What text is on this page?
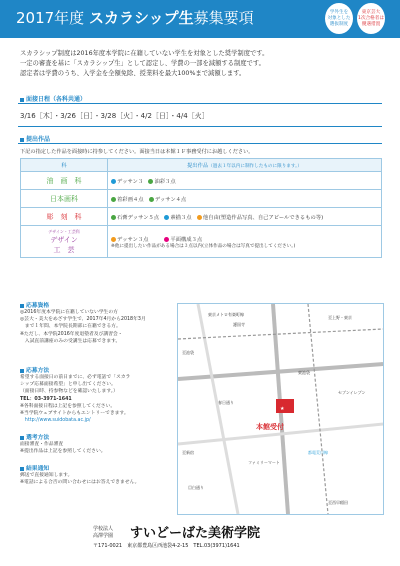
2017年度 スカラシップ生募集要項	学外生を
対象とした
選抜制度
東京芸大
1次合格者は
優遇措置
スカラシップ制度は2016年度本学院に在籍していない学生を対象とした奨学制度です。
一定の審査を基に「スカラシップ生」として認定し、学費の一部を減額する制度です。
認定者は学費のうち、入学金を全額免除、授業料を最大100%まで減額します。
面接日程（各科共通）
3/16［木］・3/26［日］・3/28［火］・4/2［日］・4/4［火］
提出作品
下記の指定した作品を面接時に持参してください。面接当日は本館１Ｆ事務受付にお越しください。
科	提出作品（過去１年以内に制作したものに限ります。）
油　画　科	デッサン３　 油彩３点
日本画科	着彩画４点　 デッサン４点
彫　刻　科	石膏デッサン５点　 素描３点　 他自由(塑造作品写真、自己アピールできるもの等)

デザイン・工芸科
デザイン
工　芸	デッサン３点　　　 平面構成３点
※他に提出したい作品がある場合は３点以内(立体作品の場合は写真で提出してください。)
応募資格
◎2016年度本学院に在籍していない学生の方
◎芸大・美大をめざす学生で、2017年4月から2018年3月
　まで１年間、本学院長期部に在籍できる方。
※ただし、本学院2016年度退塾者及び講習会・
　入試直前講座のみの受講生は応募できます。
応募方法
希望する面接日の前日までに、必ず電話で「スカラ
シップ応募面接希望」と申し出てください。
（面接日時、持参物などを確認いたします。）
TEL：03-3971-1641
※各科面接日程は上記を参照してください。
※当学院ウェブサイトからもエントリーできます。
　http://www.suidobata.ac.jp/
選考方法
面接審査・作品審査
※提出作品は上記を参照してください。
結果通知
郵送で直接通知します。
※電話による合否の問い合わせにはお答えできません。
★
本館受付
東京メトロ有楽町線
護国寺
至池袋
至新宿
東池袋
至上野・東京
至西早稲田
都電荒川線
春日通り
目白通り
ファミリーマート
セブンイレブン
学校法人
高澤学園 すいどーばた美術学院
〒171-0021　東京都豊島区西池袋4-2-15　TEL.03(3971)1641
